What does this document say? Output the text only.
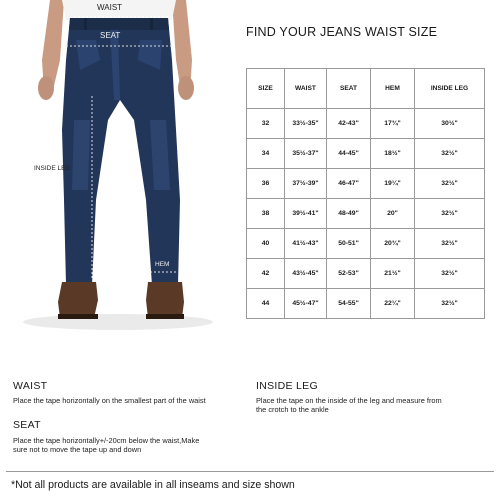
WAIST
SEAT
INSIDE LEG
HEM
FIND YOUR JEANS WAIST SIZE
SIZE	WAIST	SEAT	HEM	INSIDE LEG
32	33½-35"	42-43"	17¾"	30½"
34	35½-37"	44-45"	18½"	32½"
36	37½-39"	46-47"	19¼"	32½"
38	39½-41"	48-49"	20"	32½"
40	41½-43"	50-51"	20¾"	32½"
42	43½-45"	52-53"	21½"	32½"
44	45½-47"	54-55"	22¼"	32½"
WAIST
Place the tape horizontally on the smallest part of the waist
INSIDE LEG
Place the tape on the inside of the leg and measure from
the crotch to the ankle
SEAT
Place the tape horizontally+/-20cm below the waist,Make
sure not to move the tape up and down
*Not all products are available in all inseams and size shown
